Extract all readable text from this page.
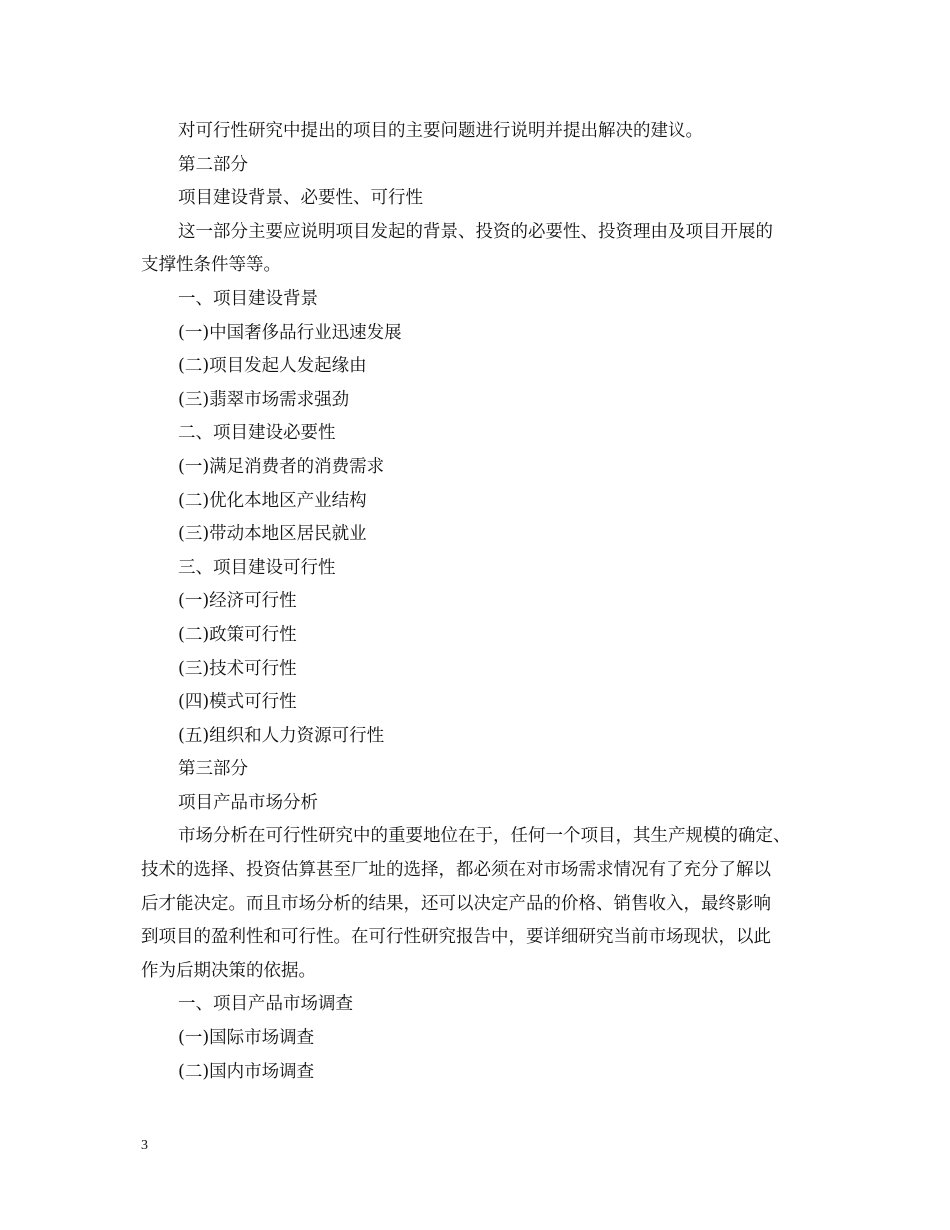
对可行性研究中提出的项目的主要问题进行说明并提出解决的建议。

第二部分

项目建设背景、必要性、可行性

这一部分主要应说明项目发起的背景、投资的必要性、投资理由及项目开展的
支撑性条件等等。

一、项目建设背景

(一)中国奢侈品行业迅速发展

(二)项目发起人发起缘由

(三)翡翠市场需求强劲

二、项目建设必要性

(一)满足消费者的消费需求

(二)优化本地区产业结构

(三)带动本地区居民就业

三、项目建设可行性

(一)经济可行性

(二)政策可行性

(三)技术可行性

(四)模式可行性

(五)组织和人力资源可行性

第三部分

项目产品市场分析

市场分析在可行性研究中的重要地位在于，任何一个项目，其生产规模的确定、
技术的选择、投资估算甚至厂址的选择，都必须在对市场需求情况有了充分了解以
后才能决定。而且市场分析的结果，还可以决定产品的价格、销售收入，最终影响
到项目的盈利性和可行性。在可行性研究报告中，要详细研究当前市场现状，以此
作为后期决策的依据。

一、项目产品市场调查

(一)国际市场调查

(二)国内市场调查

3
